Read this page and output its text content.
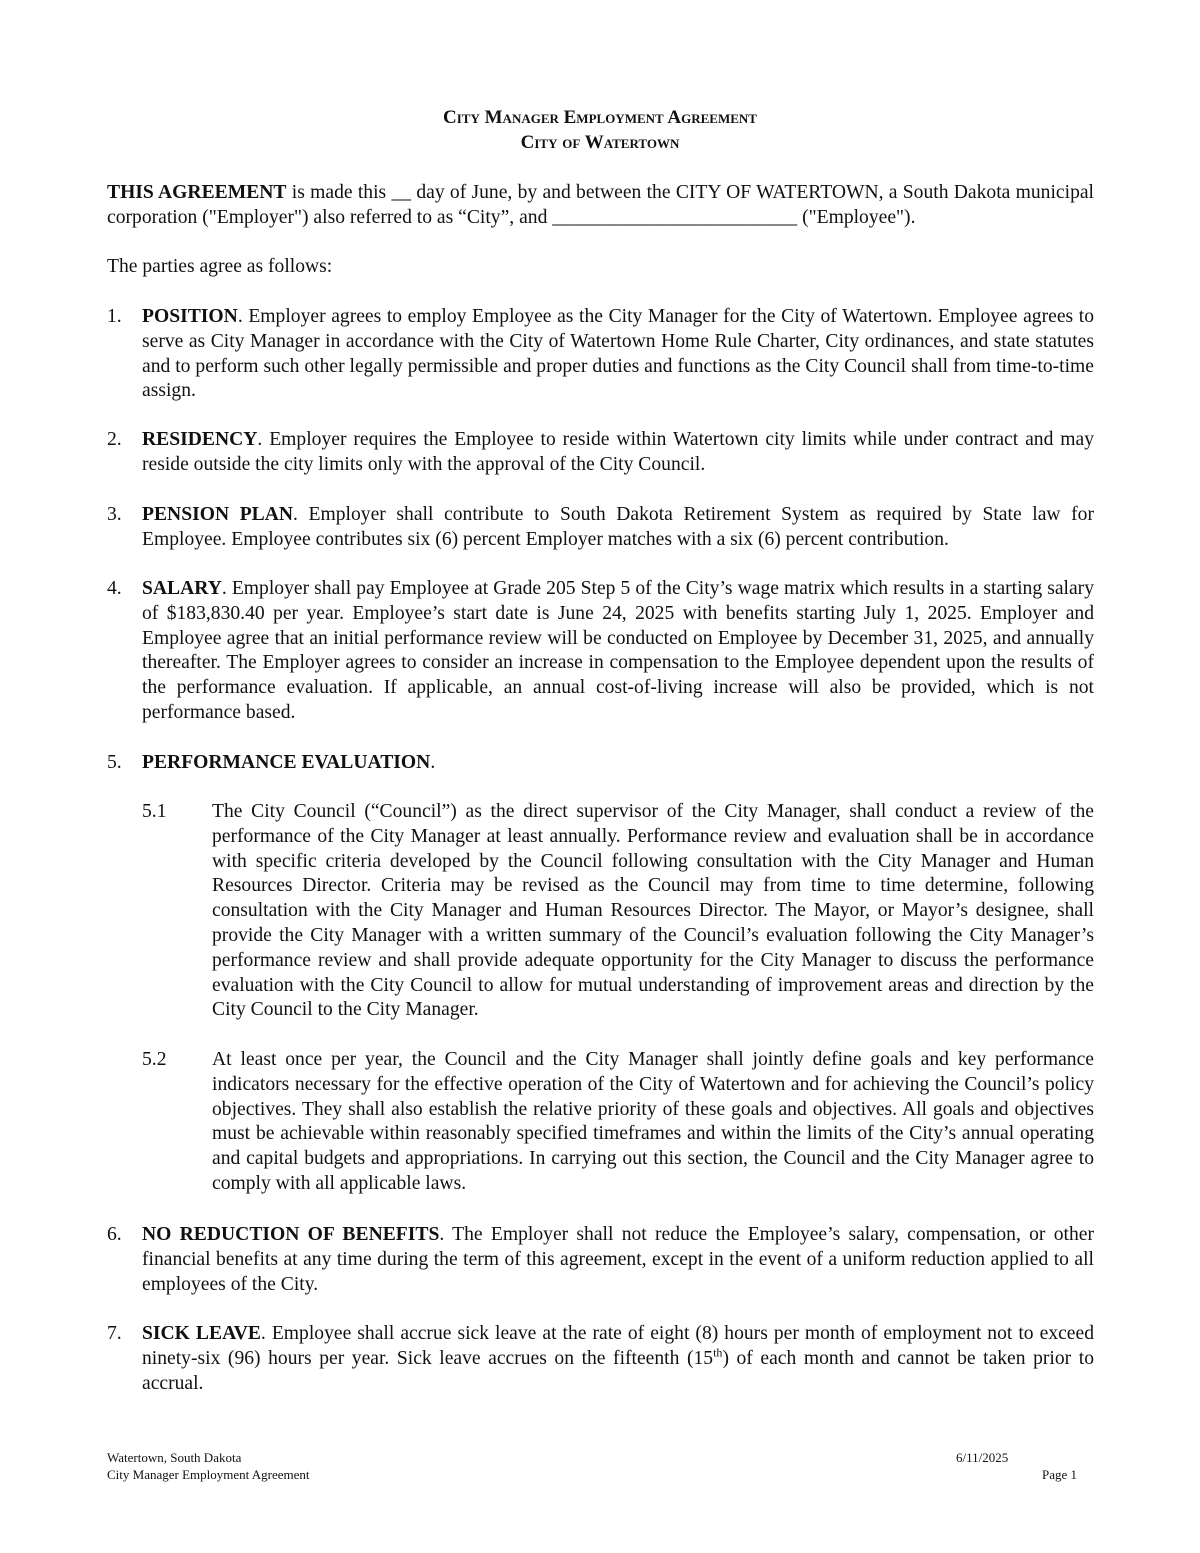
City Manager Employment Agreement
City of Watertown
THIS AGREEMENT is made this __ day of June, by and between the CITY OF WATERTOWN, a South Dakota municipal corporation ("Employer") also referred to as “City”, and _________________________ ("Employee").
The parties agree as follows:
1. POSITION. Employer agrees to employ Employee as the City Manager for the City of Watertown. Employee agrees to serve as City Manager in accordance with the City of Watertown Home Rule Charter, City ordinances, and state statutes and to perform such other legally permissible and proper duties and functions as the City Council shall from time-to-time assign.
2. RESIDENCY. Employer requires the Employee to reside within Watertown city limits while under contract and may reside outside the city limits only with the approval of the City Council.
3. PENSION PLAN. Employer shall contribute to South Dakota Retirement System as required by State law for Employee. Employee contributes six (6) percent Employer matches with a six (6) percent contribution.
4. SALARY. Employer shall pay Employee at Grade 205 Step 5 of the City’s wage matrix which results in a starting salary of $183,830.40 per year. Employee’s start date is June 24, 2025 with benefits starting July 1, 2025. Employer and Employee agree that an initial performance review will be conducted on Employee by December 31, 2025, and annually thereafter. The Employer agrees to consider an increase in compensation to the Employee dependent upon the results of the performance evaluation. If applicable, an annual cost-of-living increase will also be provided, which is not performance based.
5. PERFORMANCE EVALUATION.
5.1 The City Council (“Council”) as the direct supervisor of the City Manager, shall conduct a review of the performance of the City Manager at least annually. Performance review and evaluation shall be in accordance with specific criteria developed by the Council following consultation with the City Manager and Human Resources Director. Criteria may be revised as the Council may from time to time determine, following consultation with the City Manager and Human Resources Director. The Mayor, or Mayor’s designee, shall provide the City Manager with a written summary of the Council’s evaluation following the City Manager’s performance review and shall provide adequate opportunity for the City Manager to discuss the performance evaluation with the City Council to allow for mutual understanding of improvement areas and direction by the City Council to the City Manager.
5.2 At least once per year, the Council and the City Manager shall jointly define goals and key performance indicators necessary for the effective operation of the City of Watertown and for achieving the Council’s policy objectives. They shall also establish the relative priority of these goals and objectives. All goals and objectives must be achievable within reasonably specified timeframes and within the limits of the City’s annual operating and capital budgets and appropriations. In carrying out this section, the Council and the City Manager agree to comply with all applicable laws.
6. NO REDUCTION OF BENEFITS. The Employer shall not reduce the Employee’s salary, compensation, or other financial benefits at any time during the term of this agreement, except in the event of a uniform reduction applied to all employees of the City.
7. SICK LEAVE. Employee shall accrue sick leave at the rate of eight (8) hours per month of employment not to exceed ninety-six (96) hours per year. Sick leave accrues on the fifteenth (15th) of each month and cannot be taken prior to accrual.
Watertown, South Dakota
City Manager Employment Agreement
6/11/2025
Page 1
